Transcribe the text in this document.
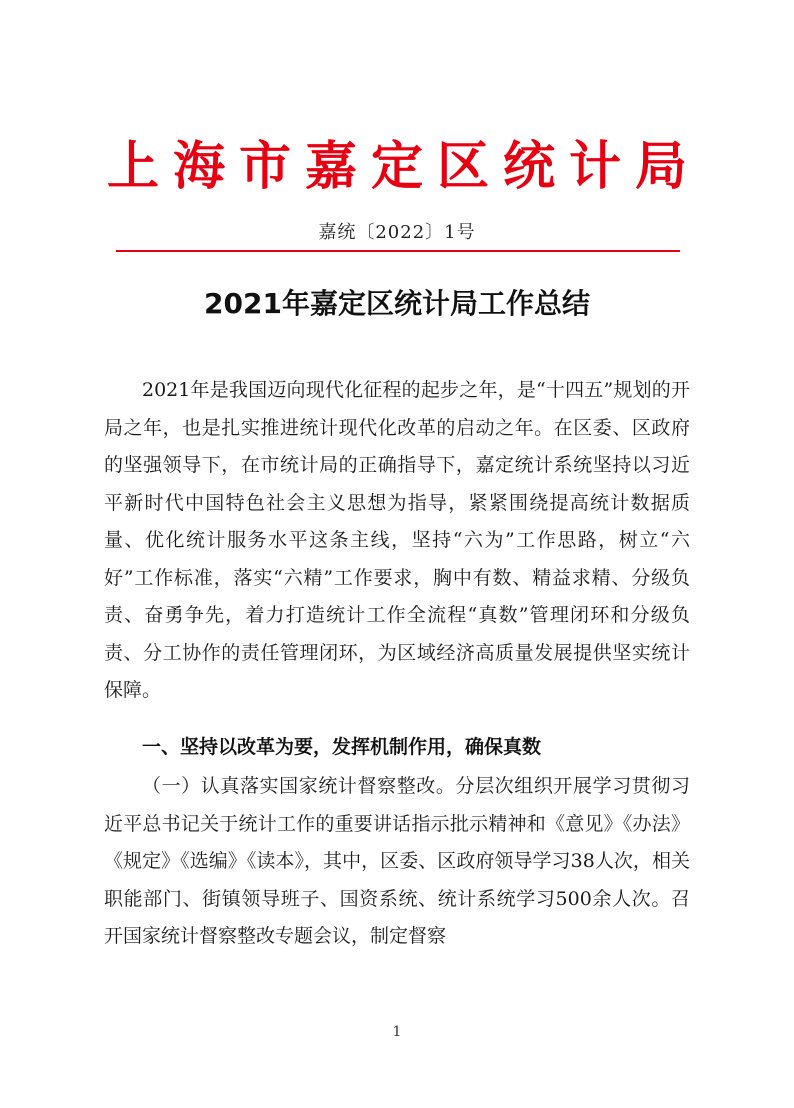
上 海 市 嘉 定 区 统 计 局
嘉统〔2022〕1号
2021年嘉定区统计局工作总结

2021年是我国迈向现代化征程的起步之年，是“十四五”规划的开局之年，也是扎实推进统计现代化改革的启动之年。在区委、区政府的坚强领导下，在市统计局的正确指导下，嘉定统计系统坚持以习近平新时代中国特色社会主义思想为指导，紧紧围绕提高统计数据质量、优化统计服务水平这条主线，坚持“六为”工作思路，树立“六好”工作标准，落实“六精”工作要求，胸中有数、精益求精、分级负责、奋勇争先，着力打造统计工作全流程“真数”管理闭环和分级负责、分工协作的责任管理闭环，为区域经济高质量发展提供坚实统计保障。

一、坚持以改革为要，发挥机制作用，确保真数

（一）认真落实国家统计督察整改。分层次组织开展学习贯彻习近平总书记关于统计工作的重要讲话指示批示精神和《意见》《办法》《规定》《选编》《读本》，其中，区委、区政府领导学习38人次，相关职能部门、街镇领导班子、国资系统、统计系统学习500余人次。召开国家统计督察整改专题会议，制定督察

1
